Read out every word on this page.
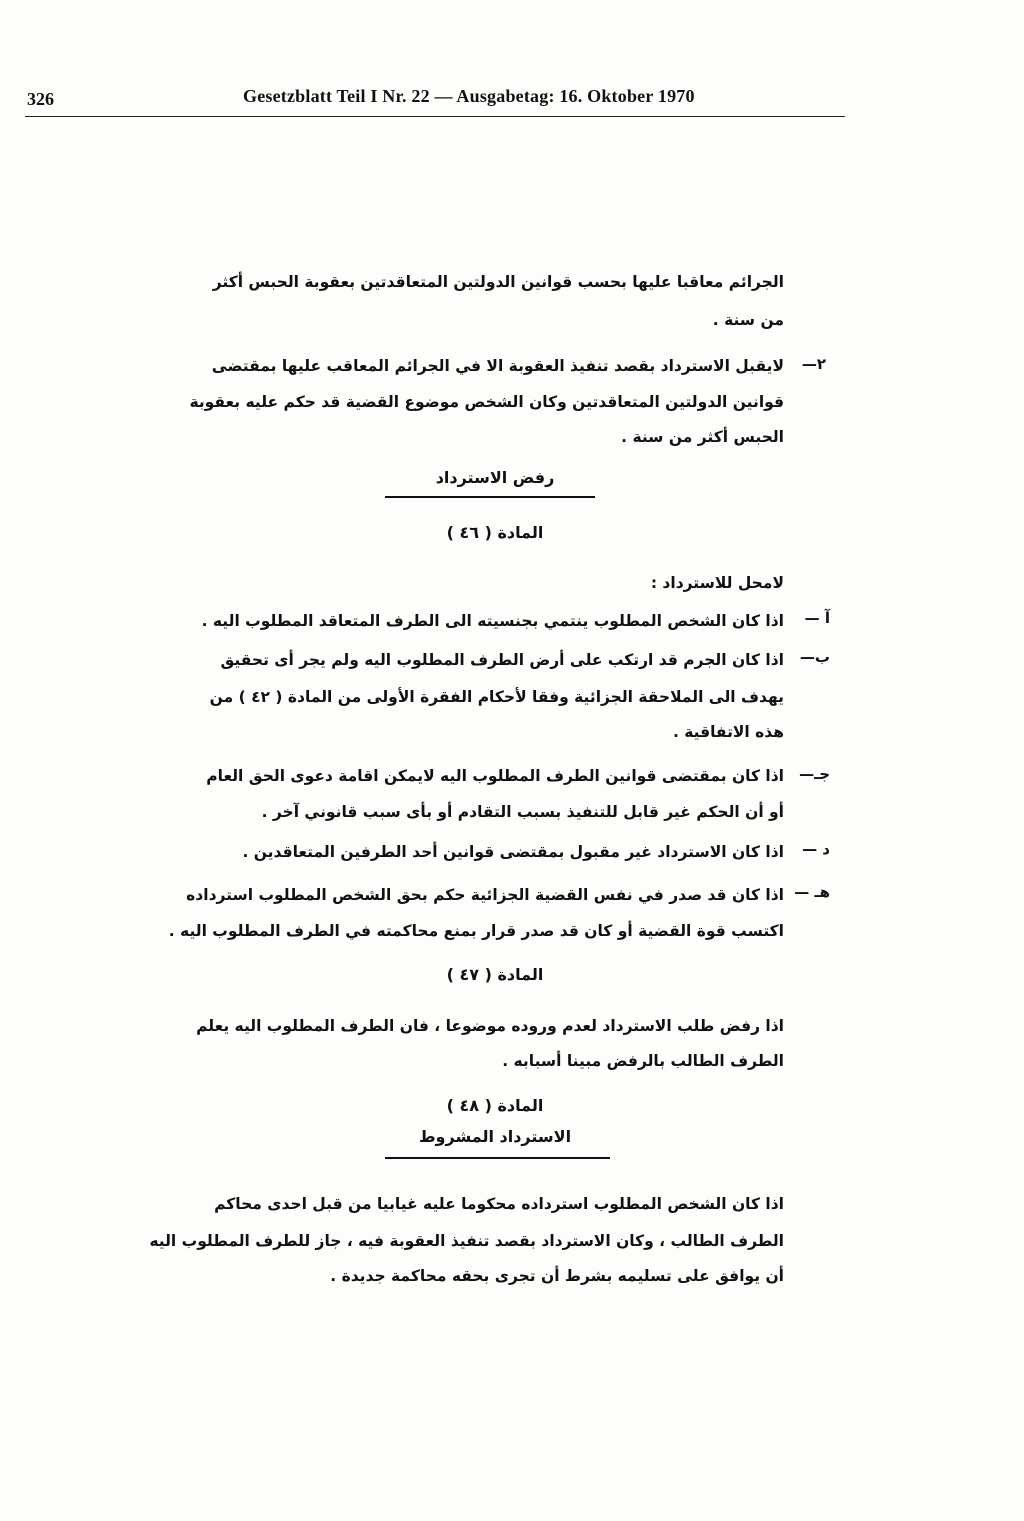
326	Gesetzblatt Teil I Nr. 22 — Ausgabetag: 16. Oktober 1970
الجرائم معاقبا عليها بحسب قوانين الدولتين المتعاقدتين بعقوبة الحبس أكثر
من سنة .
٢—
لايقبل الاسترداد بقصد تنفيذ العقوبة الا في الجرائم المعاقب عليها بمقتضى
قوانين الدولتين المتعاقدتين وكان الشخص موضوع القضية قد حكم عليه بعقوبة
الحبس أكثر من سنة .
رفض الاسترداد
المادة ( ٤٦ )
لامحل للاسترداد :
آ —
اذا كان الشخص المطلوب ينتمي بجنسيته الى الطرف المتعاقد المطلوب اليه .
ب—
اذا كان الجرم قد ارتكب على أرض الطرف المطلوب اليه ولم يجر أى تحقيق
يهدف الى الملاحقة الجزائية وفقا لأحكام الفقرة الأولى من المادة ( ٤٢ ) من
هذه الاتفاقية .
جـ—
اذا كان بمقتضى قوانين الطرف المطلوب اليه لايمكن اقامة دعوى الحق العام
أو أن الحكم غير قابل للتنفيذ بسبب التقادم أو بأى سبب قانوني آخر .
د —
اذا كان الاسترداد غير مقبول بمقتضى قوانين أحد الطرفين المتعاقدين .
هـ —
اذا كان قد صدر في نفس القضية الجزائية حكم بحق الشخص المطلوب استرداده
اكتسب قوة القضية أو كان قد صدر قرار بمنع محاكمته في الطرف المطلوب اليه .
المادة ( ٤٧ )
اذا رفض طلب الاسترداد لعدم وروده موضوعا ، فان الطرف المطلوب اليه يعلم
الطرف الطالب بالرفض مبينا أسبابه .
المادة ( ٤٨ )
الاسترداد المشروط
اذا كان الشخص المطلوب استرداده محكوما عليه غيابيا من قبل احدى محاكم
الطرف الطالب ، وكان الاسترداد بقصد تنفيذ العقوبة فيه ، جاز للطرف المطلوب اليه
أن يوافق على تسليمه بشرط أن تجرى بحقه محاكمة جديدة .
